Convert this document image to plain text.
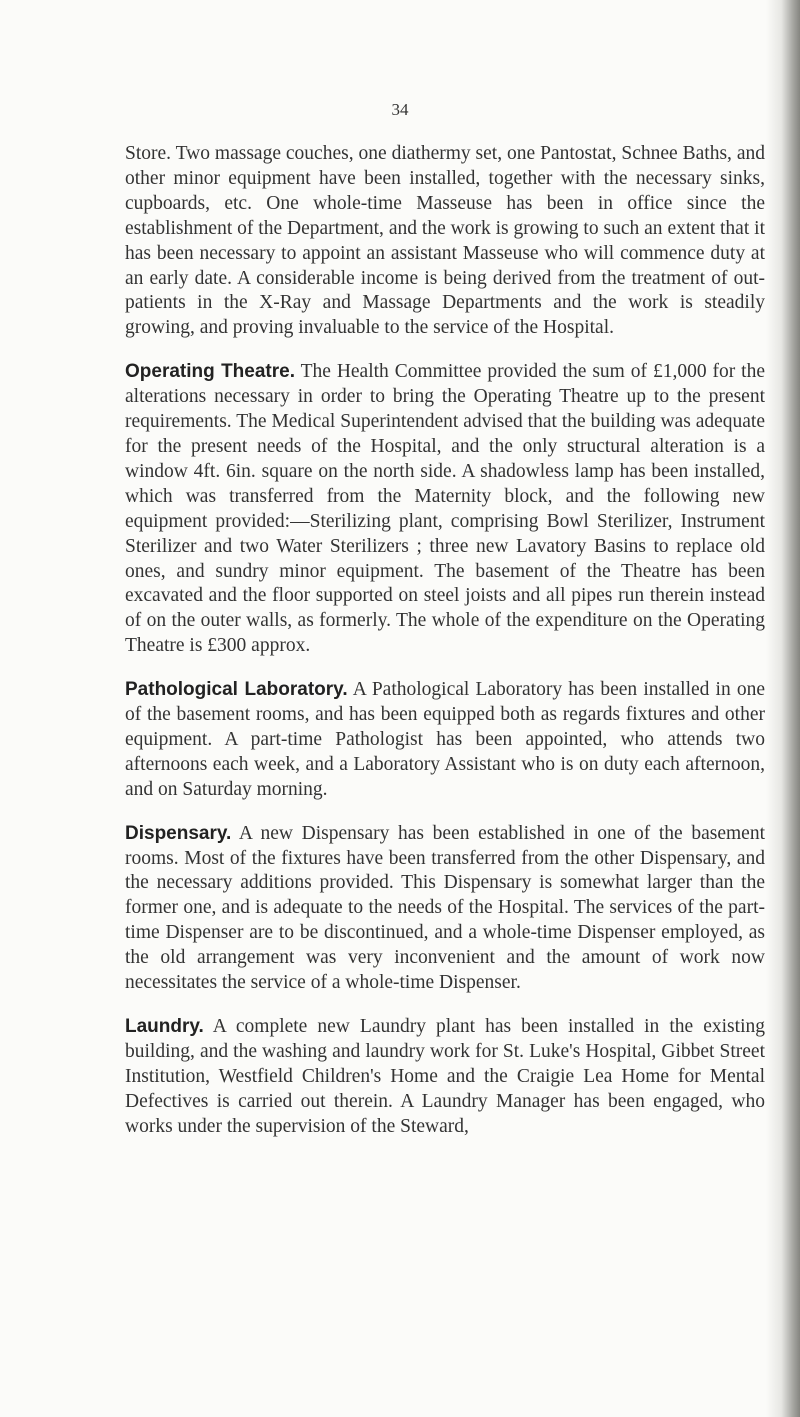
34

Store. Two massage couches, one diathermy set, one Pantostat, Schnee Baths, and other minor equipment have been installed, together with the necessary sinks, cupboards, etc. One whole-time Masseuse has been in office since the establishment of the Department, and the work is growing to such an extent that it has been necessary to appoint an assistant Masseuse who will commence duty at an early date. A considerable income is being derived from the treatment of out-patients in the X-Ray and Massage Departments and the work is steadily growing, and proving invaluable to the service of the Hospital.

Operating Theatre. The Health Committee provided the sum of £1,000 for the alterations necessary in order to bring the Operating Theatre up to the present requirements. The Medical Superintendent advised that the building was adequate for the present needs of the Hospital, and the only structural alteration is a window 4ft. 6in. square on the north side. A shadowless lamp has been installed, which was transferred from the Maternity block, and the following new equipment provided:—Sterilizing plant, comprising Bowl Sterilizer, Instrument Sterilizer and two Water Sterilizers ; three new Lavatory Basins to replace old ones, and sundry minor equipment. The basement of the Theatre has been excavated and the floor supported on steel joists and all pipes run therein instead of on the outer walls, as formerly. The whole of the expenditure on the Operating Theatre is £300 approx.

Pathological Laboratory. A Pathological Laboratory has been installed in one of the basement rooms, and has been equipped both as regards fixtures and other equipment. A part-time Pathologist has been appointed, who attends two afternoons each week, and a Laboratory Assistant who is on duty each afternoon, and on Saturday morning.

Dispensary. A new Dispensary has been established in one of the basement rooms. Most of the fixtures have been transferred from the other Dispensary, and the necessary additions provided. This Dispensary is somewhat larger than the former one, and is adequate to the needs of the Hospital. The services of the part-time Dispenser are to be discontinued, and a whole-time Dispenser employed, as the old arrangement was very inconvenient and the amount of work now necessitates the service of a whole-time Dispenser.

Laundry. A complete new Laundry plant has been installed in the existing building, and the washing and laundry work for St. Luke's Hospital, Gibbet Street Institution, Westfield Children's Home and the Craigie Lea Home for Mental Defectives is carried out therein. A Laundry Manager has been engaged, who works under the supervision of the Steward,
